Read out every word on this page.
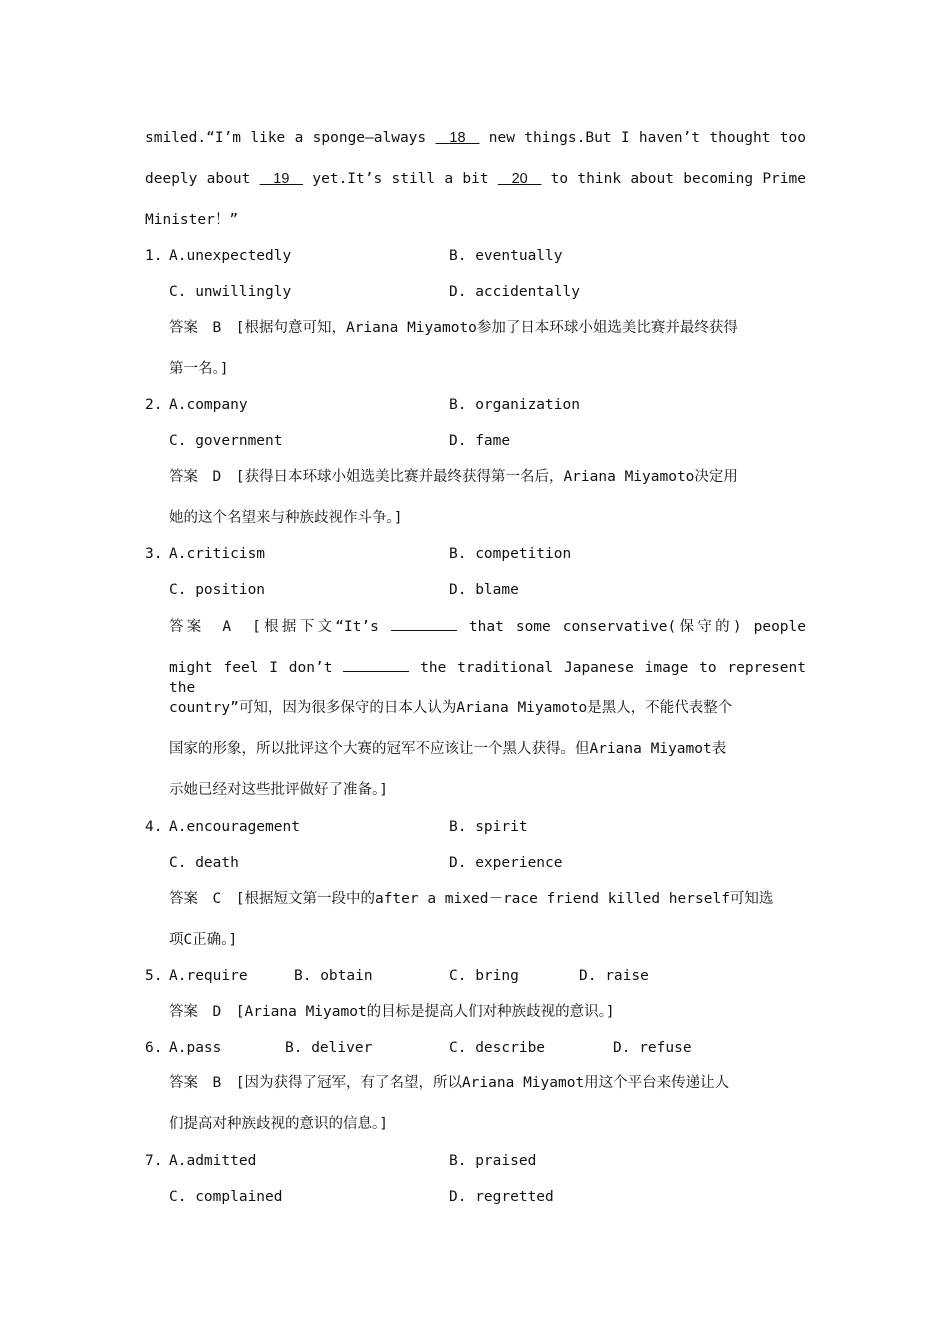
smiled.“I’m like a sponge—always    18    new things.But I haven’t thought too
deeply about    19    yet.It’s still a bit    20    to think about becoming Prime
Minister！”
1. A.unexpectedly	B. eventually
C. unwillingly	D. accidentally
答案　B　[根据句意可知，Ariana Miyamoto参加了日本环球小姐选美比赛并最终获得
第一名。]
2. A.company	B. organization
C. government	D. fame
答案　D　[获得日本环球小姐选美比赛并最终获得第一名后，Ariana Miyamoto决定用
她的这个名望来与种族歧视作斗争。]
3. A.criticism	B. competition
C. position	D. blame
答案　A　[根据下文“It’s	that some conservative(保守的) people
might feel I don’t	the traditional Japanese image to represent the
country”可知，因为很多保守的日本人认为Ariana Miyamoto是黑人，不能代表整个
国家的形象，所以批评这个大赛的冠军不应该让一个黑人获得。但Ariana Miyamot表
示她已经对这些批评做好了准备。]
4. A.encouragement	B. spirit
C. death	D. experience
答案　C　[根据短文第一段中的after a mixed－race friend killed herself可知选
项C正确。]
5. A.require	B. obtain	C. bring	D. raise
答案　D　[Ariana Miyamot的目标是提高人们对种族歧视的意识。]
6. A.pass	B. deliver	C. describe	D. refuse
答案　B　[因为获得了冠军，有了名望，所以Ariana Miyamot用这个平台来传递让人
们提高对种族歧视的意识的信息。]
7. A.admitted	B. praised
C. complained	D. regretted
